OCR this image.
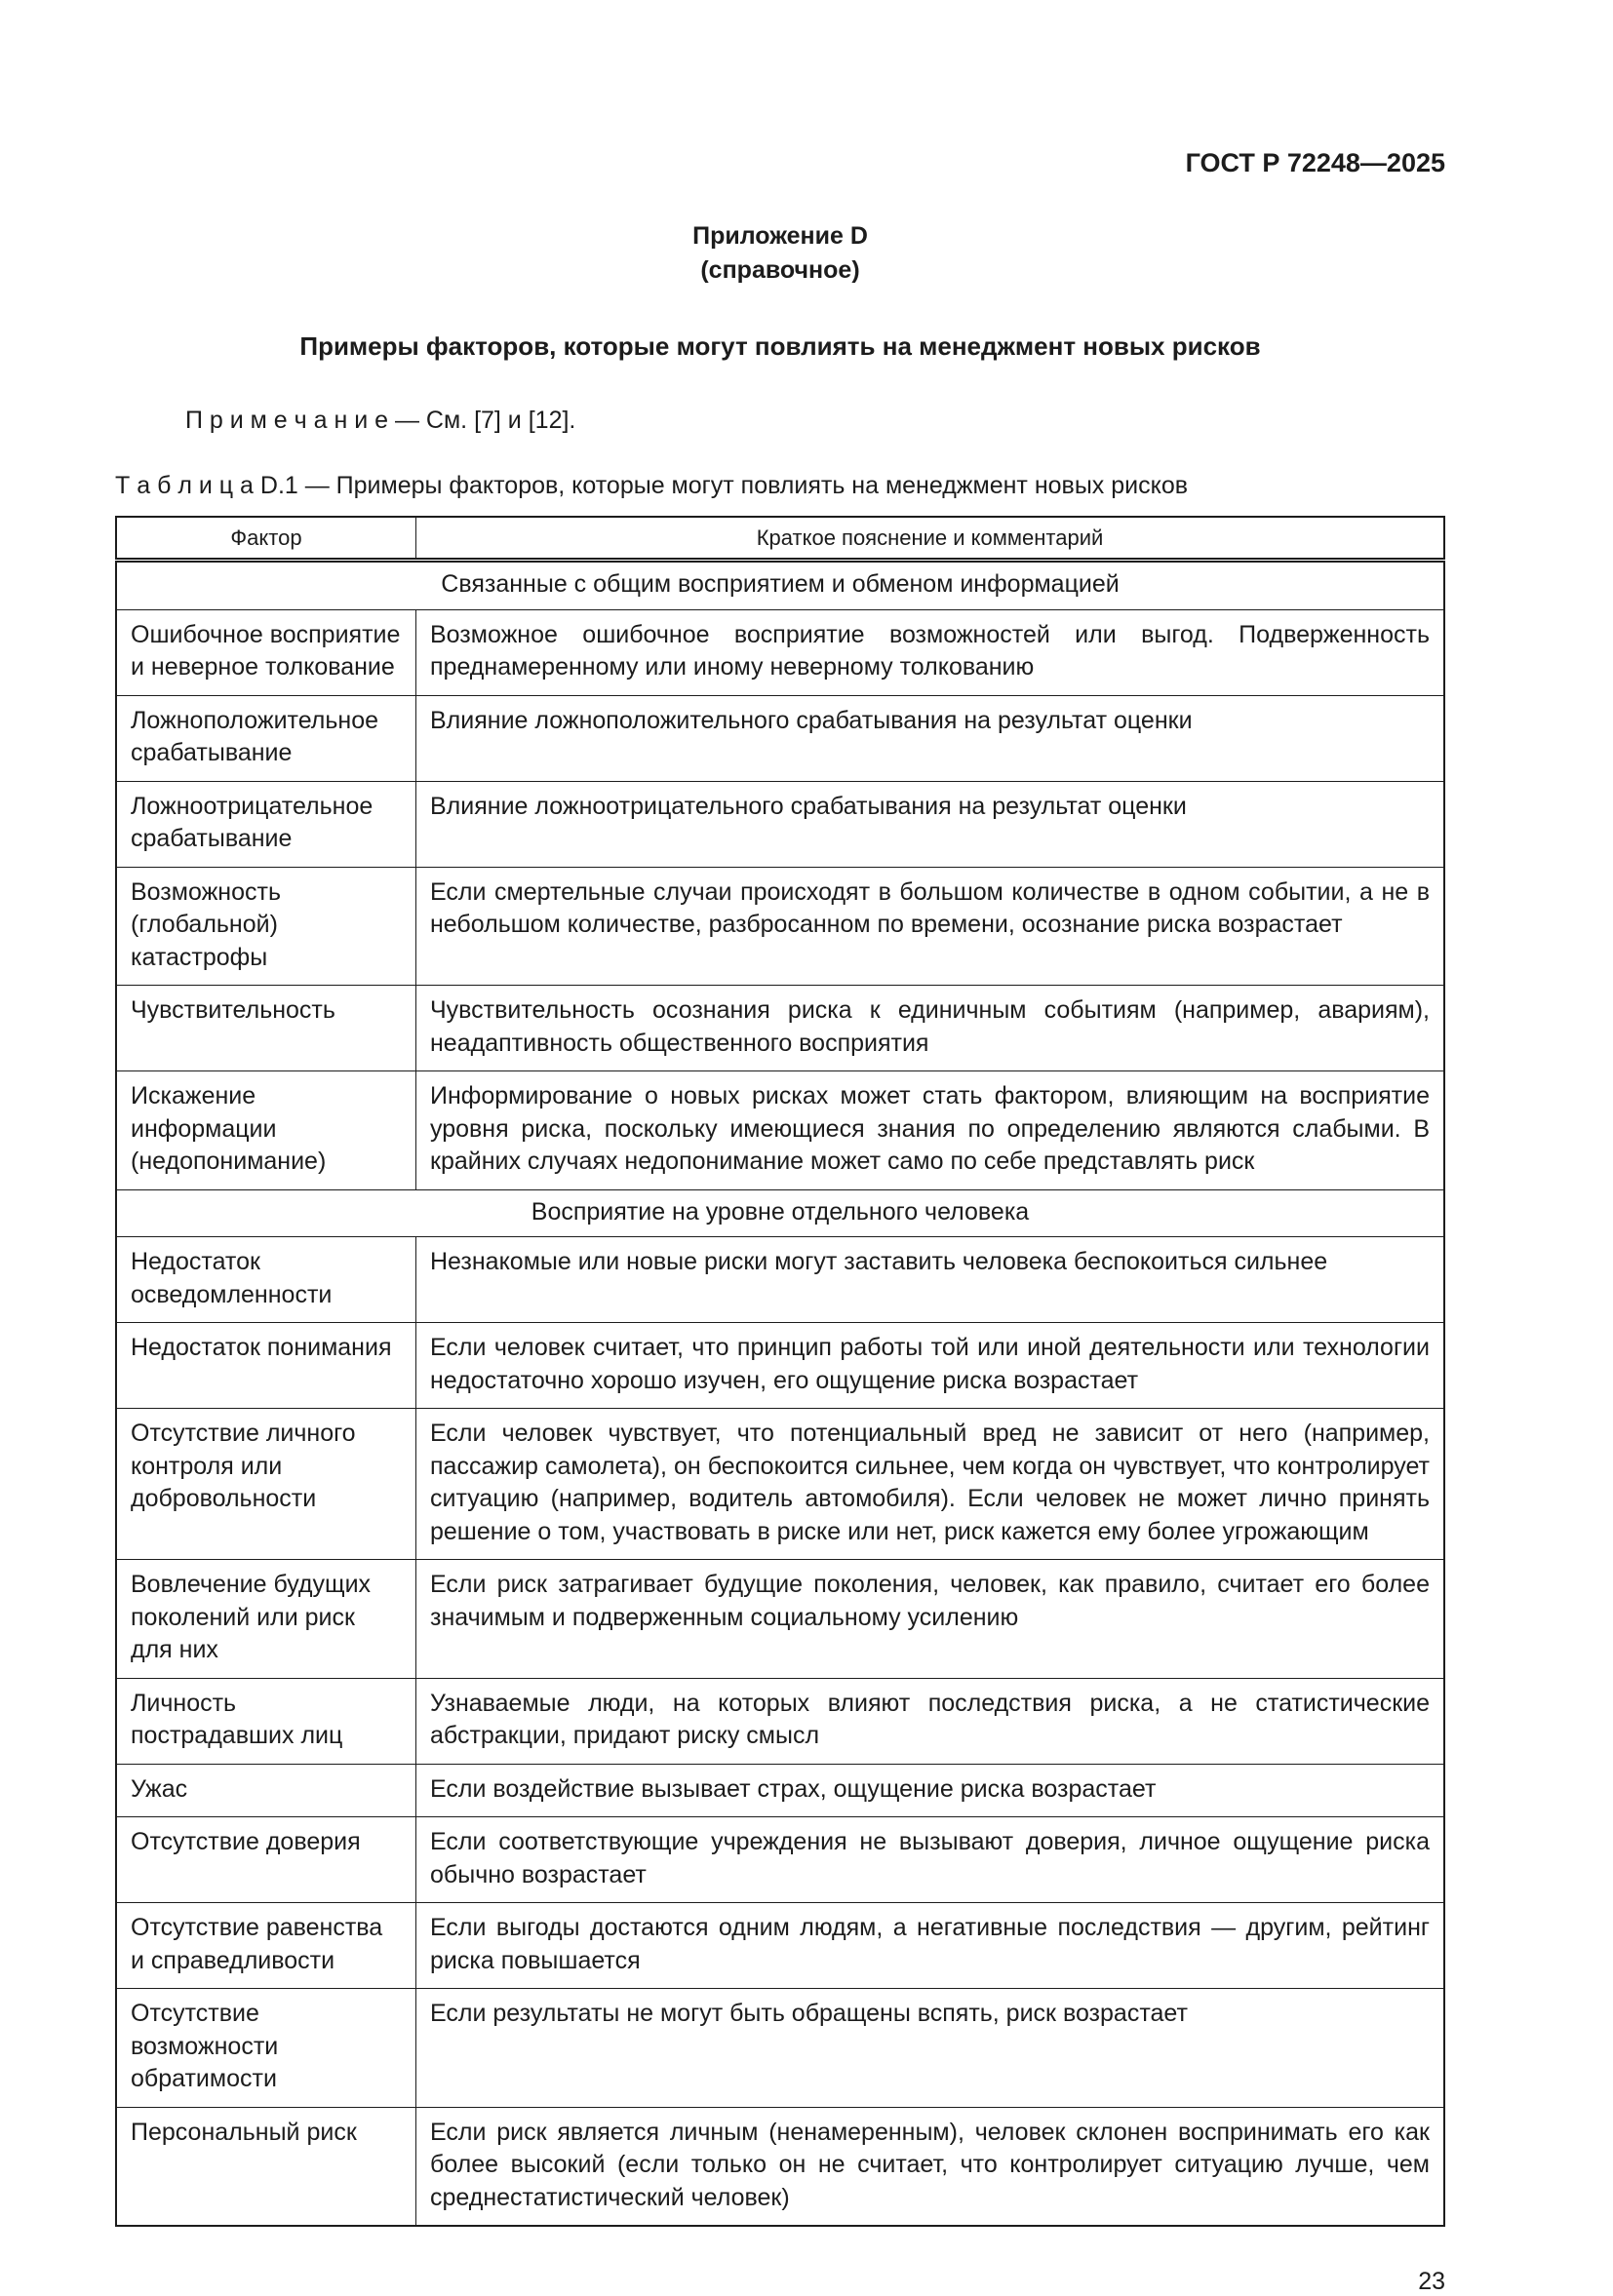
ГОСТ Р 72248—2025
Приложение D
(справочное)
Примеры факторов, которые могут повлиять на менеджмент новых рисков
П р и м е ч а н и е — См. [7] и [12].
Т а б л и ц а D.1 — Примеры факторов, которые могут повлиять на менеджмент новых рисков
Фактор	Краткое пояснение и комментарий
Связанные с общим восприятием и обменом информацией	
Ошибочное восприятие и неверное толкование	Возможное ошибочное восприятие возможностей или выгод. Подверженность преднамеренному или иному неверному толкованию
Ложноположительное срабатывание	Влияние ложноположительного срабатывания на результат оценки
Ложноотрицательное срабатывание	Влияние ложноотрицательного срабатывания на результат оценки
Возможность (глобальной) катастрофы	Если смертельные случаи происходят в большом количестве в одном событии, а не в небольшом количестве, разбросанном по времени, осознание риска возрастает
Чувствительность	Чувствительность осознания риска к единичным событиям (например, авариям), неадаптивность общественного восприятия
Искажение информации (недопонимание)	Информирование о новых рисках может стать фактором, влияющим на восприятие уровня риска, поскольку имеющиеся знания по определению являются слабыми. В крайних случаях недопонимание может само по себе представлять риск
Восприятие на уровне отдельного человека	
Недостаток осведомленности	Незнакомые или новые риски могут заставить человека беспокоиться сильнее
Недостаток понимания	Если человек считает, что принцип работы той или иной деятельности или технологии недостаточно хорошо изучен, его ощущение риска возрастает
Отсутствие личного контроля или добровольности	Если человек чувствует, что потенциальный вред не зависит от него (например, пассажир самолета), он беспокоится сильнее, чем когда он чувствует, что контролирует ситуацию (например, водитель автомобиля). Если человек не может лично принять решение о том, участвовать в риске или нет, риск кажется ему более угрожающим
Вовлечение будущих поколений или риск для них	Если риск затрагивает будущие поколения, человек, как правило, считает его более значимым и подверженным социальному усилению
Личность пострадавших лиц	Узнаваемые люди, на которых влияют последствия риска, а не статистические абстракции, придают риску смысл
Ужас	Если воздействие вызывает страх, ощущение риска возрастает
Отсутствие доверия	Если соответствующие учреждения не вызывают доверия, личное ощущение риска обычно возрастает
Отсутствие равенства и справедливости	Если выгоды достаются одним людям, а негативные последствия — другим, рейтинг риска повышается
Отсутствие возможности обратимости	Если результаты не могут быть обращены вспять, риск возрастает
Персональный риск	Если риск является личным (ненамеренным), человек склонен воспринимать его как более высокий (если только он не считает, что контролирует ситуацию лучше, чем среднестатистический человек)
23
